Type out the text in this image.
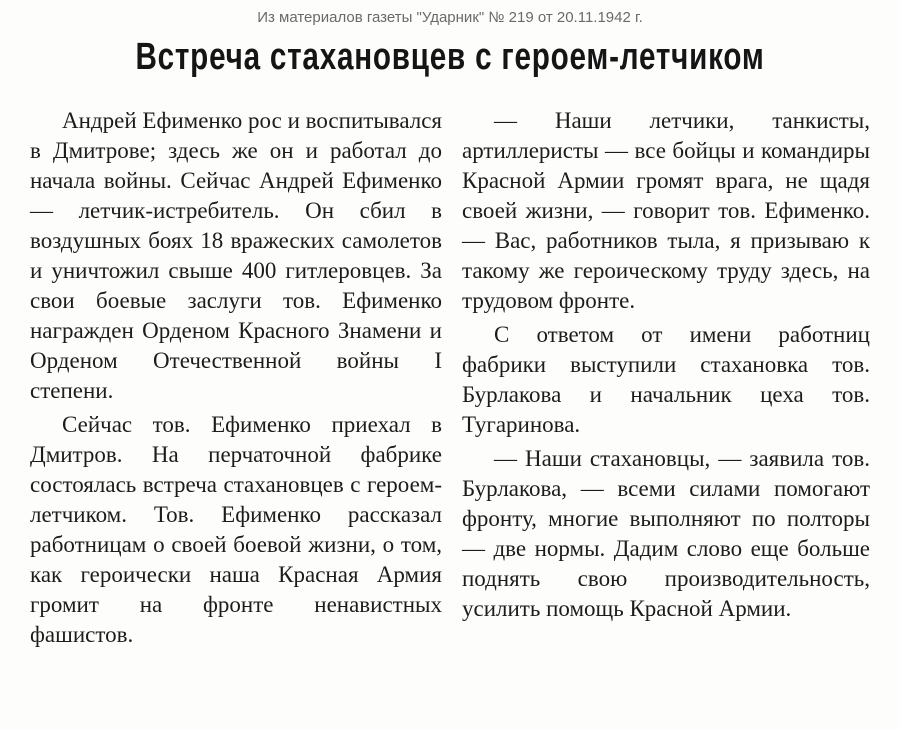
Из материалов газеты "Ударник" № 219 от 20.11.1942 г.
Встреча стахановцев с героем-летчиком

Андрей Ефименко рос и воспитывался в Дмитрове; здесь же он и работал до начала войны. Сейчас Андрей Ефименко — летчик-истребитель. Он сбил в воздушных боях 18 вражеских самолетов и уничтожил свыше 400 гитлеровцев. За свои боевые заслуги тов. Ефименко награжден Орденом Красного Знамени и Орденом Отечественной войны I степени.

Сейчас тов. Ефименко приехал в Дмитров. На перчаточной фабрике состоялась встреча стахановцев с героем-летчиком. Тов. Ефименко рассказал работницам о своей боевой жизни, о том, как героически наша Красная Армия громит на фронте ненавистных фашистов.

— Наши летчики, танкисты, артиллеристы — все бойцы и командиры Красной Армии громят врага, не щадя своей жизни, — говорит тов. Ефименко. — Вас, работников тыла, я призываю к такому же героическому труду здесь, на трудовом фронте.

С ответом от имени работниц фабрики выступили стахановка тов. Бурлакова и начальник цеха тов. Тугаринова.

— Наши стахановцы, — заявила тов. Бурлакова, — всеми силами помогают фронту, многие выполняют по полторы — две нормы. Дадим слово еще больше поднять свою производительность, усилить помощь Красной Армии.
